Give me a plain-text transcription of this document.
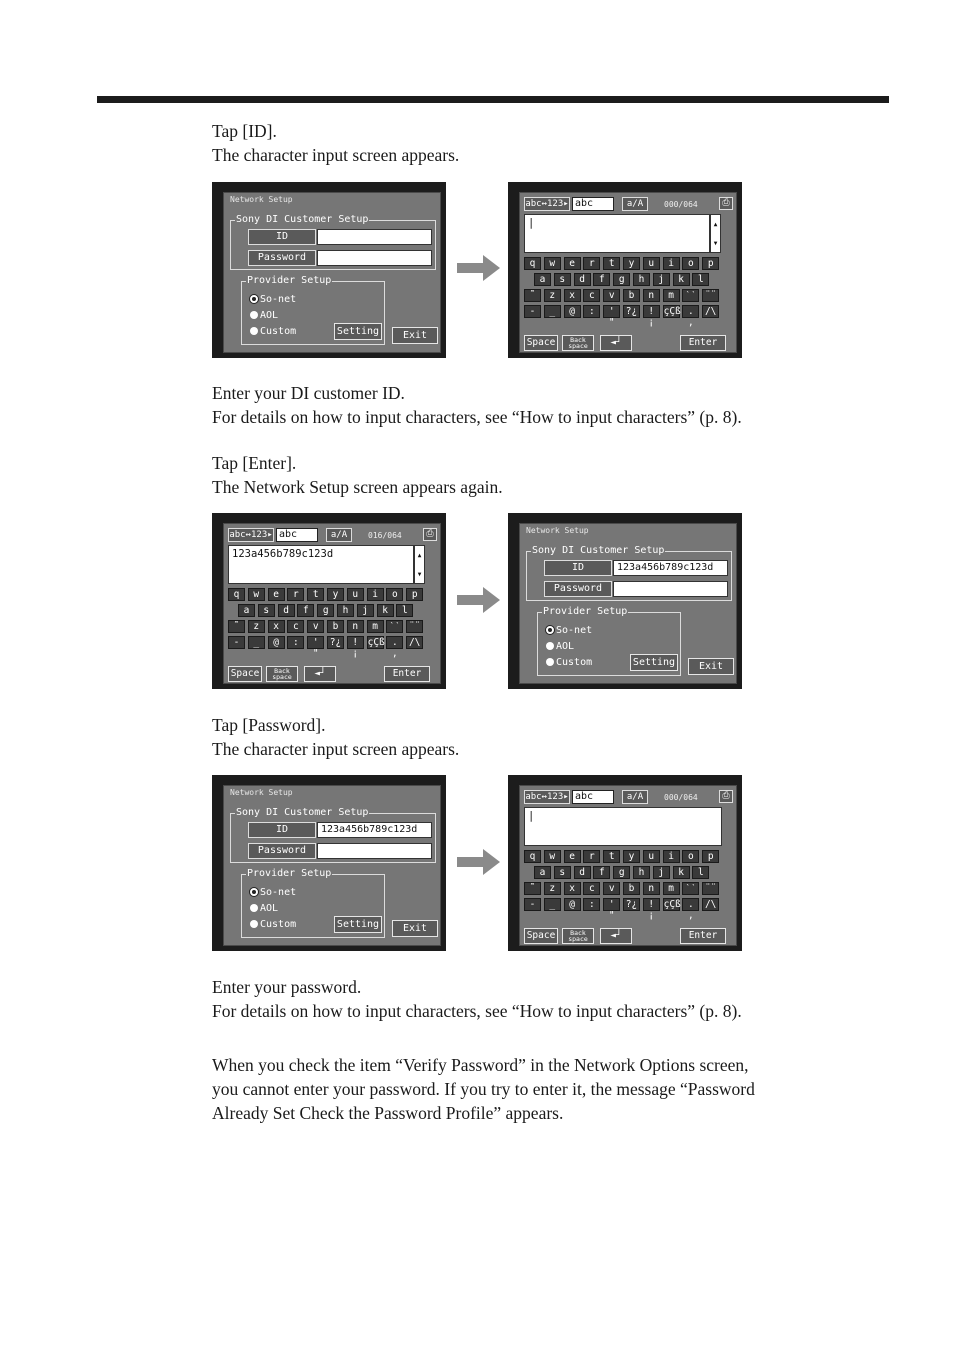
Tap [ID].
The character input screen appears.
Network Setup
Sony DI Customer Setup
ID
Password
Provider Setup
So-net
AOL
Custom	Setting	Exit
abc↔123▸ abc	a/A	000/064	⎙
|	▲
▼
q	w	e	r	t	y	u	i	o	p
a	s	d	f	g	h	j	k	l
˜	z	x	c	v	b	n	m	ˋˋ ¨¨
-	_	@	:	' "
?¿	! ¡
çÇß . ,
/\
Space	Back
space	◄┘	Enter
Enter your DI customer ID.
For details on how to input characters, see “How to input characters” (p. 8).
Tap [Enter].
The Network Setup screen appears again.
abc↔123▸ abc	a/A	016/064	⎙
123a456b789c123d	▲
▼
q	w	e	r	t	y	u	i	o	p
a	s	d	f	g	h	j	k	l
˜	z	x	c	v	b	n	m	ˋˋ ¨¨
-	_	@	:	' "
?¿	! ¡
çÇß . ,
/\
Space	Back
space	◄┘	Enter
Network Setup
Sony DI Customer Setup
ID	123a456b789c123d
Password
Provider Setup
So-net
AOL
Custom	Setting	Exit
Tap [Password].
The character input screen appears.
Network Setup
Sony DI Customer Setup
ID	123a456b789c123d
Password
Provider Setup
So-net
AOL
Custom	Setting	Exit
abc↔123▸ abc	a/A	000/064	⎙
|
q	w	e	r	t	y	u	i	o	p
a	s	d	f	g	h	j	k	l
˜	z	x	c	v	b	n	m	ˋˋ ¨¨
-	_	@	:	' "
?¿	! ¡
çÇß . ,
/\
Space	Back
space	◄┘	Enter
Enter your password.
For details on how to input characters, see “How to input characters” (p. 8).
When you check the item “Verify Password” in the Network Options screen,
you cannot enter your password. If you try to enter it, the message “Password
Already Set Check the Password Profile” appears.
